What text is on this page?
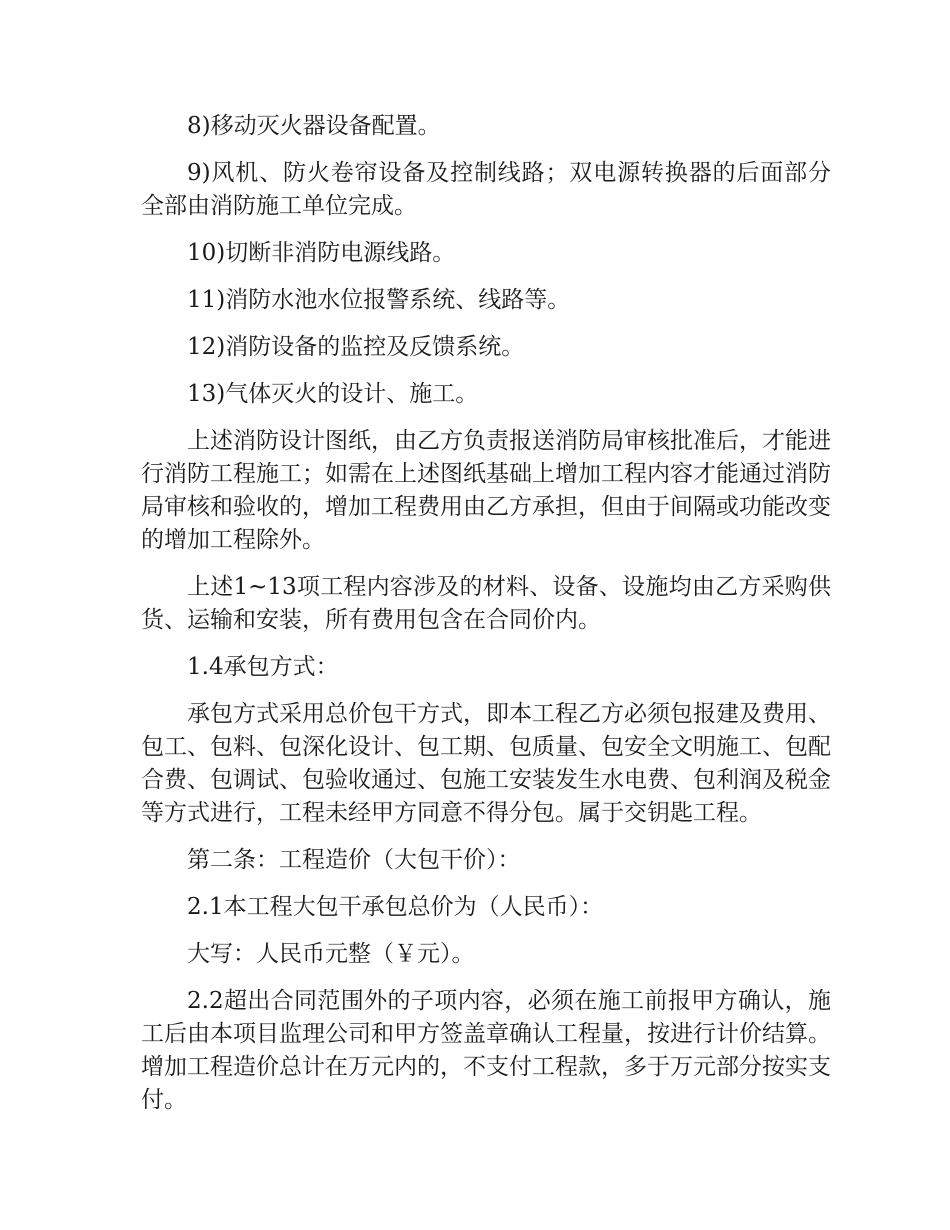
8)移动灭火器设备配置。

9)风机、防火卷帘设备及控制线路；双电源转换器的后面部分全部由消防施工单位完成。

10)切断非消防电源线路。

11)消防水池水位报警系统、线路等。

12)消防设备的监控及反馈系统。

13)气体灭火的设计、施工。

上述消防设计图纸，由乙方负责报送消防局审核批准后，才能进行消防工程施工；如需在上述图纸基础上增加工程内容才能通过消防局审核和验收的，增加工程费用由乙方承担，但由于间隔或功能改变的增加工程除外。

上述1~13项工程内容涉及的材料、设备、设施均由乙方采购供货、运输和安装，所有费用包含在合同价内。

1.4承包方式：

承包方式采用总价包干方式，即本工程乙方必须包报建及费用、包工、包料、包深化设计、包工期、包质量、包安全文明施工、包配合费、包调试、包验收通过、包施工安装发生水电费、包利润及税金等方式进行，工程未经甲方同意不得分包。属于交钥匙工程。

第二条：工程造价（大包干价）：

2.1本工程大包干承包总价为（人民币）：

大写：人民币元整（￥元）。

2.2超出合同范围外的子项内容，必须在施工前报甲方确认，施工后由本项目监理公司和甲方签盖章确认工程量，按进行计价结算。增加工程造价总计在万元内的，不支付工程款，多于万元部分按实支付。
